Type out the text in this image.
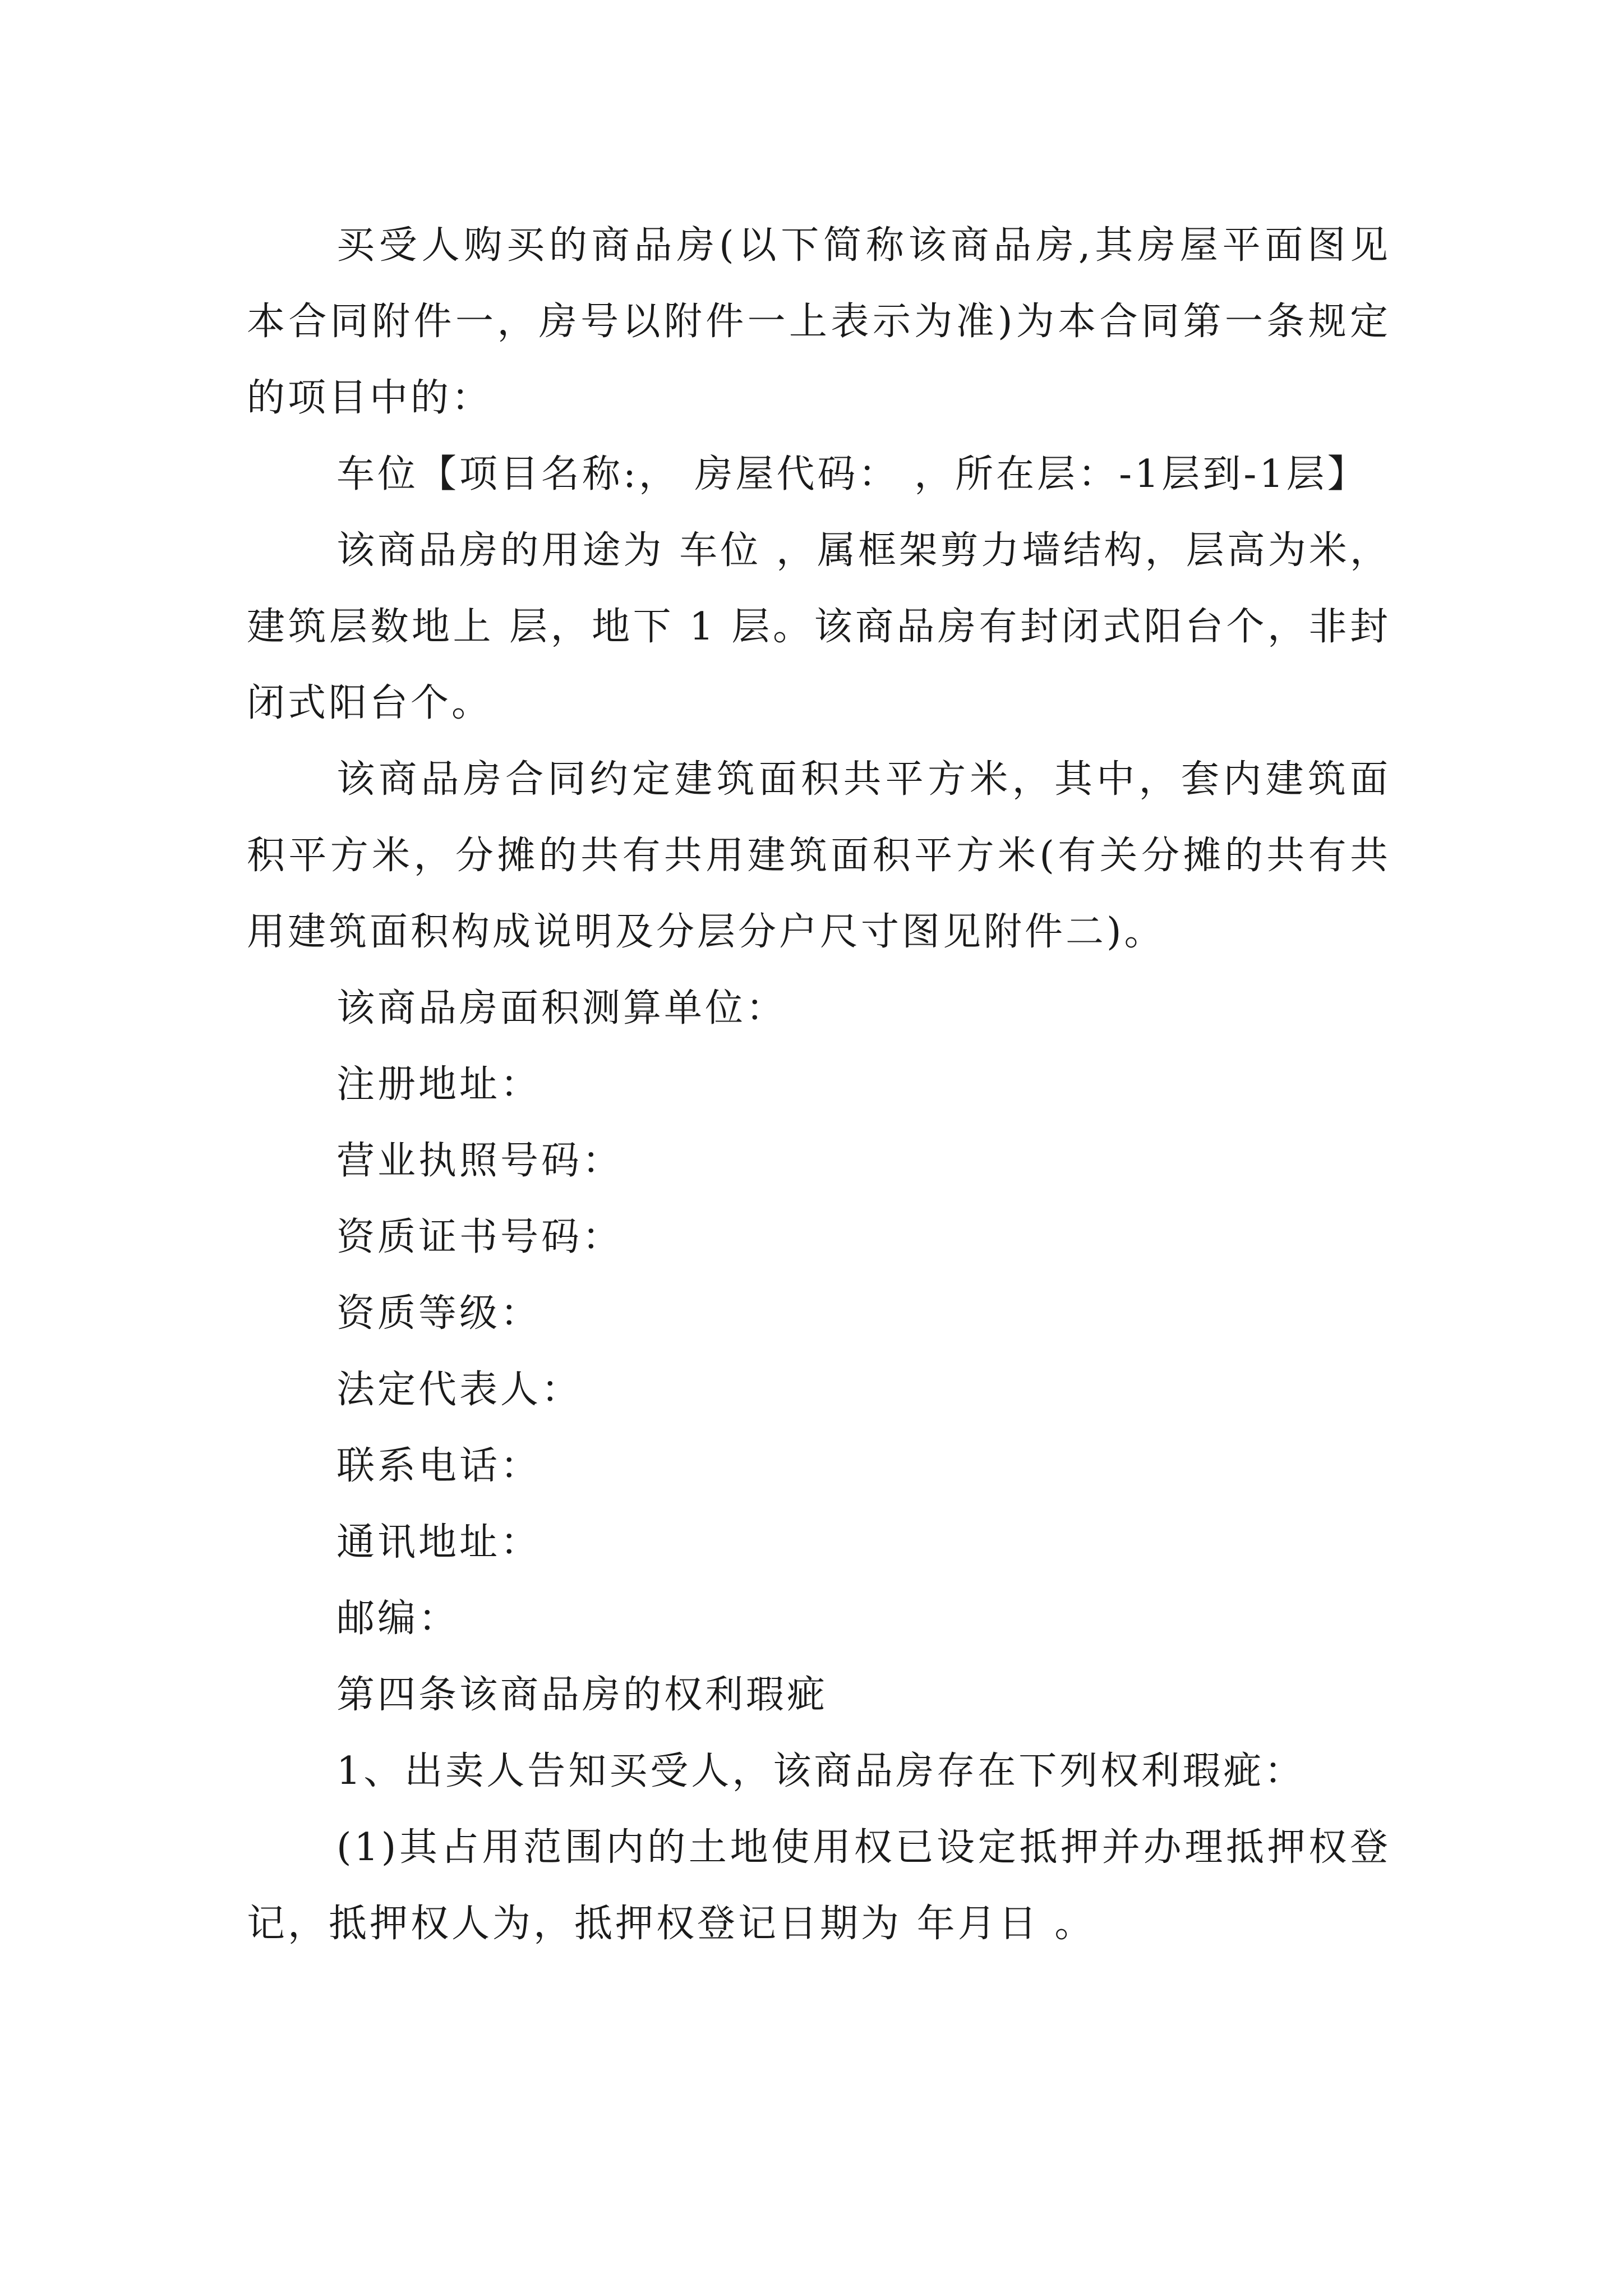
买受人购买的商品房(以下简称该商品房,其房屋平面图见本合同附件一，房号以附件一上表示为准)为本合同第一条规定的项目中的：

车位【项目名称:， 房屋代码： ，所在层：-1层到-1层】

该商品房的用途为 车位 ，属框架剪力墙结构，层高为米，建筑层数地上 层，地下 1 层。该商品房有封闭式阳台个，非封闭式阳台个。

该商品房合同约定建筑面积共平方米，其中，套内建筑面积平方米，分摊的共有共用建筑面积平方米(有关分摊的共有共用建筑面积构成说明及分层分户尺寸图见附件二)。

该商品房面积测算单位：

注册地址：

营业执照号码：

资质证书号码：

资质等级：

法定代表人：

联系电话：

通讯地址：

邮编：

第四条该商品房的权利瑕疵

1、出卖人告知买受人，该商品房存在下列权利瑕疵：

(1)其占用范围内的土地使用权已设定抵押并办理抵押权登记，抵押权人为，抵押权登记日期为 年月日 。
